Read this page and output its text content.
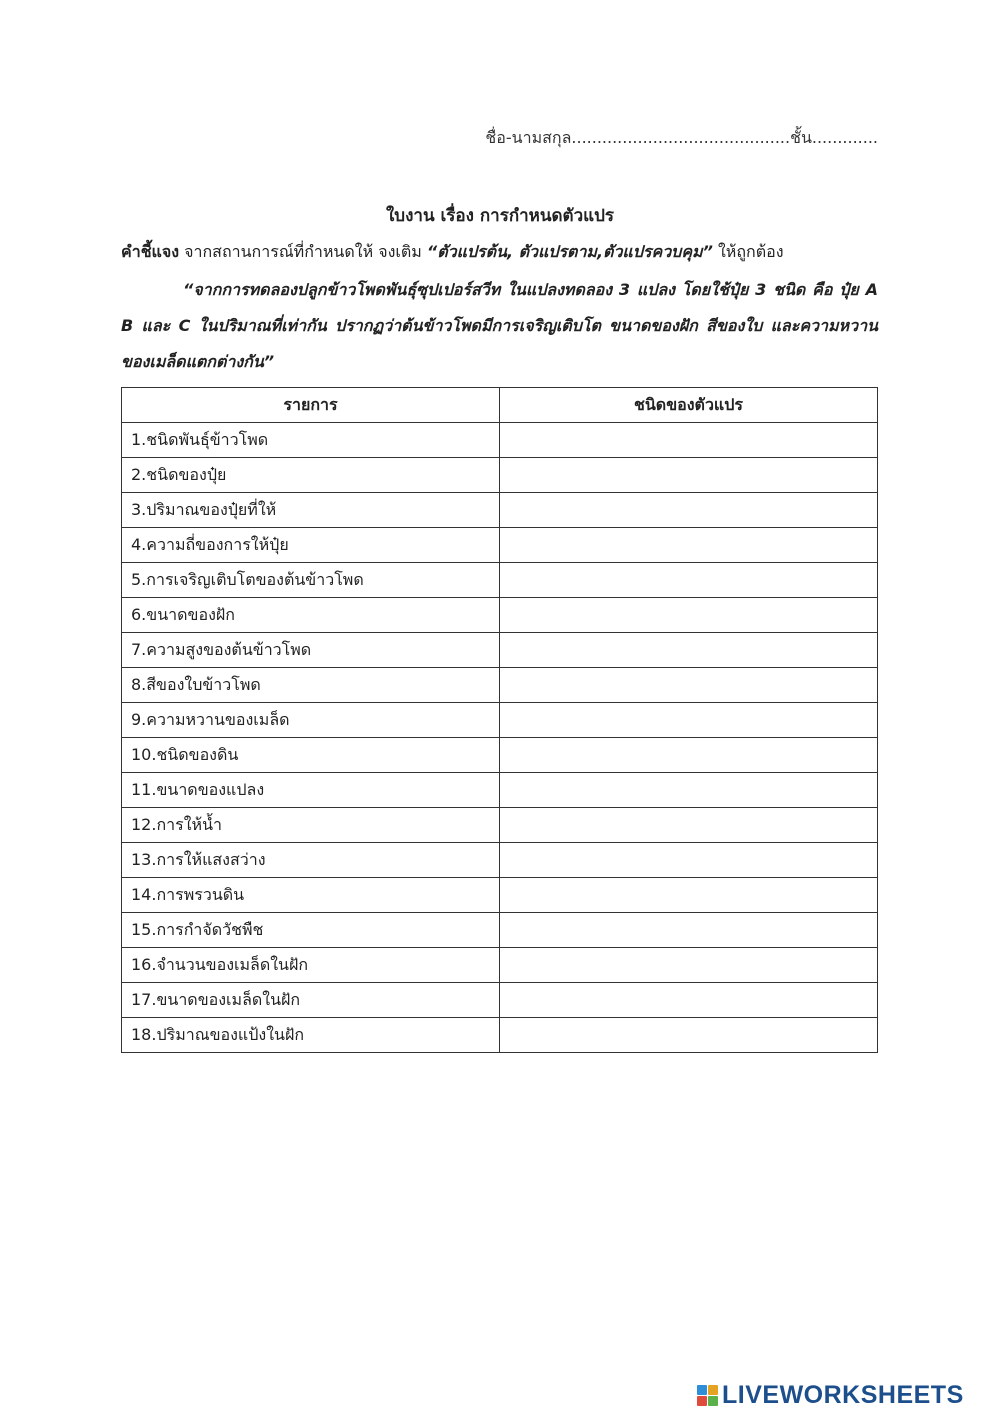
ชื่อ-นามสกุล...........................................ชั้น.............
ใบงาน เรื่อง การกำหนดตัวแปร
คำชี้แจง จากสถานการณ์ที่กำหนดให้ จงเติม “ตัวแปรต้น, ตัวแปรตาม,ตัวแปรควบคุม” ให้ถูกต้อง

“จากการทดลองปลูกข้าวโพดพันธุ์ซุปเปอร์สวีท ในแปลงทดลอง 3 แปลง โดยใช้ปุ๋ย 3 ชนิด คือ ปุ๋ย A B และ C ในปริมาณที่เท่ากัน ปรากฏว่าต้นข้าวโพดมีการเจริญเติบโต ขนาดของฝัก สีของใบ และความหวานของเมล็ดแตกต่างกัน”

รายการ	ชนิดของตัวแปร
1.ชนิดพันธุ์ข้าวโพด	
2.ชนิดของปุ๋ย	
3.ปริมาณของปุ๋ยที่ให้	
4.ความถี่ของการให้ปุ๋ย	
5.การเจริญเติบโตของต้นข้าวโพด	
6.ขนาดของฝัก	
7.ความสูงของต้นข้าวโพด	
8.สีของใบข้าวโพด	
9.ความหวานของเมล็ด	
10.ชนิดของดิน	
11.ขนาดของแปลง	
12.การให้น้ำ	
13.การให้แสงสว่าง	
14.การพรวนดิน	
15.การกำจัดวัชพืช	
16.จำนวนของเมล็ดในฝัก	
17.ขนาดของเมล็ดในฝัก	
18.ปริมาณของแป้งในฝัก	
LIVEWORKSHEETS
